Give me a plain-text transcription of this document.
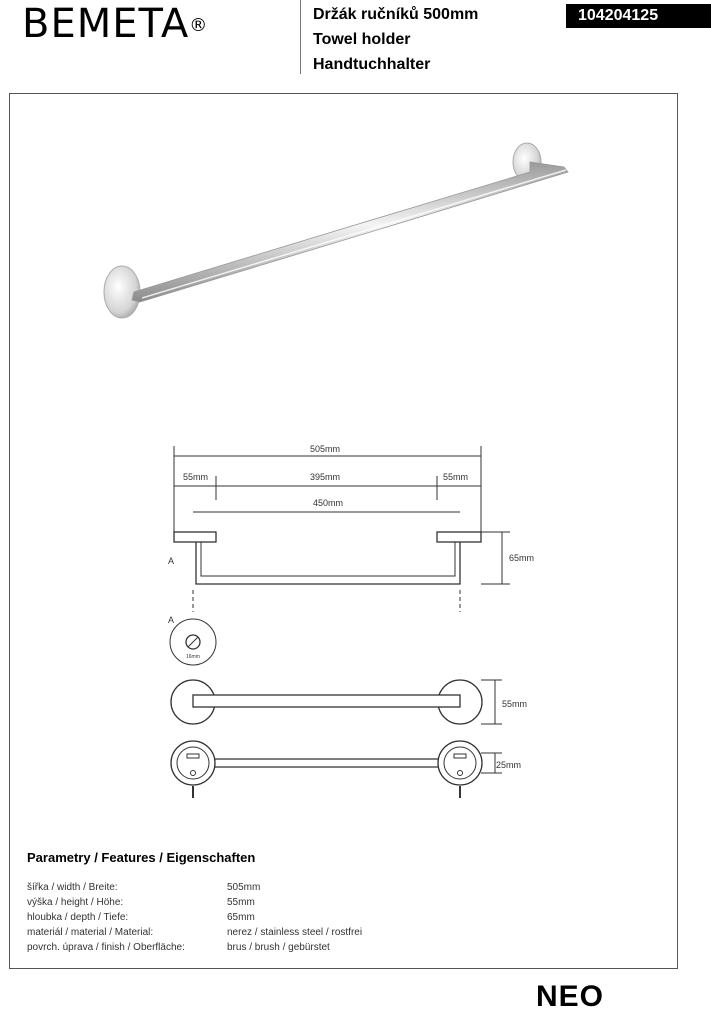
BEMETA®
Držák ručníků 500mm
Towel holder
Handtuchhalter
104204125
505mm
55mm	395mm	55mm
450mm
65mm
A
A
16mm
55mm
25mm
Parametry / Features / Eigenschaften
šířka / width / Breite:	505mm
výška / height / Höhe:	55mm
hloubka / depth / Tiefe:	65mm
materiál / material / Material:	nerez / stainless steel / rostfrei
povrch. úprava / finish / Oberfläche:	brus / brush / gebürstet
NEO
